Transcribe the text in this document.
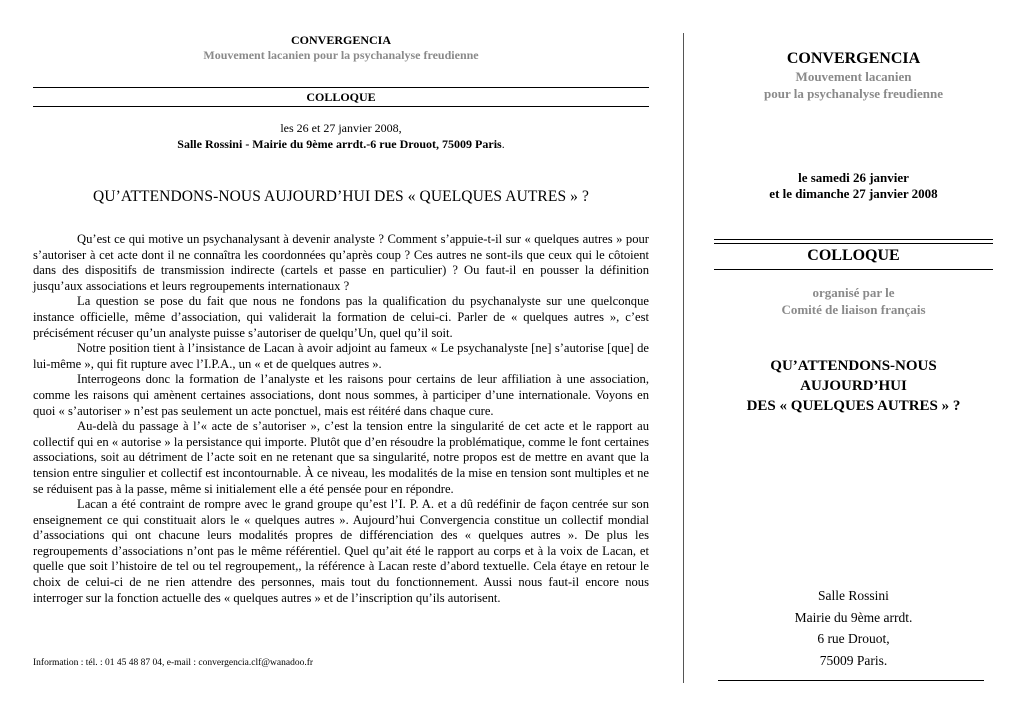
CONVERGENCIA
Mouvement lacanien pour la psychanalyse freudienne
COLLOQUE
les 26 et 27 janvier 2008,
Salle Rossini - Mairie du 9ème arrdt.-6 rue Drouot, 75009 Paris.
QU’ATTENDONS-NOUS AUJOURD’HUI DES « QUELQUES AUTRES » ?

Qu’est ce qui motive un psychanalysant à devenir analyste ? Comment s’appuie-t-il sur « quelques autres » pour s’autoriser à cet acte dont il ne connaîtra les coordonnées qu’après coup ? Ces autres ne sont-ils que ceux qui le côtoient dans des dispositifs de transmission indirecte (cartels et passe en particulier) ? Ou faut-il en pousser la définition jusqu’aux associations et leurs regroupements internationaux ?

La question se pose du fait que nous ne fondons pas la qualification du psychanalyste sur une quelconque instance officielle, même d’association, qui validerait la formation de celui-ci. Parler de « quelques autres », c’est précisément récuser qu’un analyste puisse s’autoriser de quelqu’Un, quel qu’il soit.

Notre position tient à l’insistance de Lacan à avoir adjoint au fameux « Le psychanalyste [ne] s’autorise [que] de lui-même », qui fit rupture avec l’I.P.A., un « et de quelques autres ».

Interrogeons donc la formation de l’analyste et les raisons pour certains de leur affiliation à une association, comme les raisons qui amènent certaines associations, dont nous sommes, à participer d’une internationale. Voyons en quoi « s’autoriser » n’est pas seulement un acte ponctuel, mais est réitéré dans chaque cure.

Au-delà du passage à l’« acte de s’autoriser », c’est la tension entre la singularité de cet acte et le rapport au collectif qui en « autorise » la persistance qui importe. Plutôt que d’en résoudre la problématique, comme le font certaines associations, soit au détriment de l’acte soit en ne retenant que sa singularité, notre propos est de mettre en avant que la tension entre singulier et collectif est incontournable. À ce niveau, les modalités de la mise en tension sont multiples et ne se réduisent pas à la passe, même si initialement elle a été pensée pour en répondre.

Lacan a été contraint de rompre avec le grand groupe qu’est l’I. P. A. et a dû redéfinir de façon centrée sur son enseignement ce qui constituait alors le « quelques autres ». Aujourd’hui Convergencia constitue un collectif mondial d’associations qui ont chacune leurs modalités propres de différenciation des « quelques autres ». De plus les regroupements d’associations n’ont pas le même référentiel. Quel qu’ait été le rapport au corps et à la voix de Lacan, et quelle que soit l’histoire de tel ou tel regroupement,, la référence à Lacan reste d’abord textuelle. Cela étaye en retour le choix de celui-ci de ne rien attendre des personnes, mais tout du fonctionnement. Aussi nous faut-il encore nous interroger sur la fonction actuelle des « quelques autres » et de l’inscription qu’ils autorisent.

Information : tél. : 01 45 48 87 04, e-mail : convergencia.clf@wanadoo.fr
CONVERGENCIA
Mouvement lacanien
pour la psychanalyse freudienne
le samedi 26 janvier
et le dimanche 27 janvier 2008
COLLOQUE
organisé par le
Comité de liaison français
QU’ATTENDONS-NOUS
AUJOURD’HUI
DES « QUELQUES AUTRES » ?
Salle Rossini
Mairie du 9ème arrdt.
6 rue Drouot,
75009 Paris.
